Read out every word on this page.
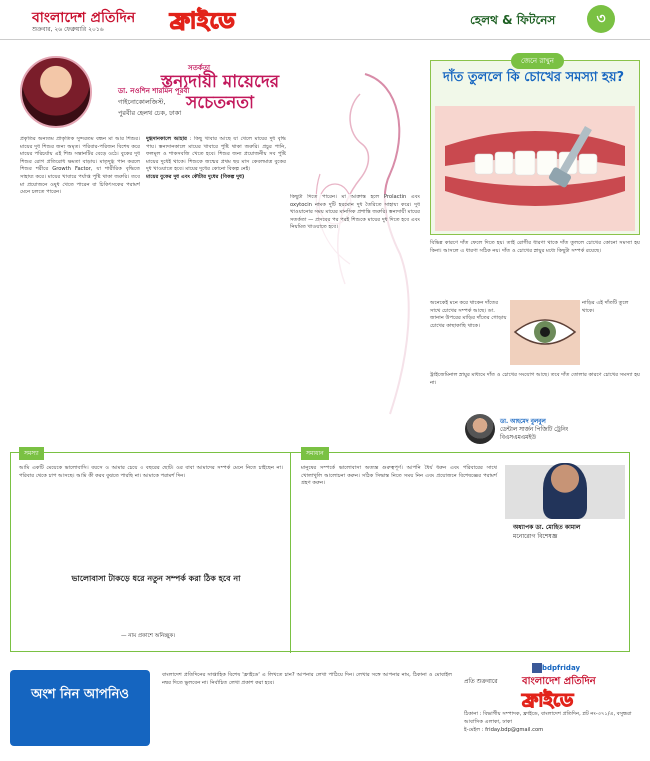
বাংলাদেশ প্রতিদিন
শুক্রবার, ২৬ ফেব্রুয়ারি ২০১৬	ফ্রাইডে	হেলথ & ফিটনেস	৩
ডা. নওশিন শারমিন পূরবী
গাইনোকোলজিস্ট,
পুরবীর হেলথ চেক, ঢাকা
সতর্কতা
স্তন্যদায়ী মায়েদের সচেতনতা
প্রকৃতির অন্যতম প্রাকৃতিক সুন্দরতম বন্ধন মা আর শিশুর। মায়ের দুধ শিশুর জন্য অমৃত। পরিবার-পরিজন বিশেষ করে মায়ের পরিচর্যায় এই শিশু সন্তানটির বেড়ে ওঠে। বুকের দুধ শিশুর রোগ প্রতিরোধ ক্ষমতা বাড়ায়। মাতৃদুগ্ধ পান করলে শিশুর শরীরে Growth Factor, যা শারীরিক বৃদ্ধিতে সাহায্য করে। মায়ের খাবারে পর্যাপ্ত পুষ্টি থাকা জরুরি। তবে মা প্রয়োজনে ওষুধ খেতে পারেন বা চিকিৎসকের পরামর্শ মেনে চলতে পারেন।
দুগ্ধদানকালে আহার : কিছু খাবার আছে যা খেলে মায়ের দুধ বৃদ্ধি পায়। স্তন্যদানকালে মায়ের খাবারে পুষ্টি থাকা জরুরি। প্রচুর পানি, ফলমূল ও শাকসবজি খেতে হবে। শিশুর জন্য প্রয়োজনীয় সব পুষ্টি মায়ের দুধেই থাকে। শিশুকে জন্মের প্রথম ছয় মাস কেবলমাত্র বুকের দুধ খাওয়াতে হবে। মায়ের দুধের কোনো বিকল্প নেই।
মায়ের বুকের দুধ এবং কৌটার দুধের (বিকল্প দুধ)
কিছুটা দিতে পারেন। মা আক্রান্ত হলে Prolactin এবং oxytocin নামক দুটি হরমোন দুধ তৈরিতে সাহায্য করে। দুধ খাওয়ানোর সময় মায়ের মানসিক প্রশান্তি জরুরি। স্তন্যদায়ী মায়ের সতর্কতা — প্রসবের পর পরই শিশুকে মায়ের দুধ দিতে হবে এবং নিয়মিত খাওয়াতে হবে।
জেনে রাখুন
দাঁত তুললে কি চোখের সমস্যা হয়?
বিভিন্ন কারণে দাঁত ফেলে দিতে হয়। তাই রোগীর ধারণা থাকে দাঁত তুললে চোখের কোনো সমস্যা হয় কিনা। আসলে এ ধারণা সঠিক নয়। দাঁত ও চোখের স্নায়ুর মধ্যে কিছুটা সম্পর্ক রয়েছে।
অনেকেই মনে করে থাকেন দাঁতের সাথে চোখের সম্পর্ক আছে। ডা. জানান উপরের মাড়ির দাঁতের গোড়ায় চোখের কাছাকাছি থাকে।
নাড়ির এই দাঁতটি তুলে থাকে।
ট্রাইজেমিনাল স্নায়ুর মাধ্যমে দাঁত ও চোখের সংযোগ আছে। তবে দাঁত তোলার কারণে চোখের সমস্যা হয় না।
ডা. আহমেদ বুলবুল
ডেন্টাল সার্জন পিজিটি ট্রেনিং
বিএসএমএমইউ
সমস্যা
আমি একটি মেয়েকে ভালোবাসি। বয়সে ও আমার চেয়ে ৩ বছরের ছোট। ওর বাবা আমাদের সম্পর্ক মেনে নিতে চাইছেন না। পরিবার থেকে চাপ আসছে। আমি কী করব বুঝতে পারছি না। আমাকে পরামর্শ দিন।
ভালোবাসা টাকড়ে ধরে নতুন সম্পর্ক করা ঠিক হবে না
— নাম প্রকাশে অনিচ্ছুক।
সমাধান
মানুষের সম্পর্কে ভালোবাসা অত্যন্ত গুরুত্বপূর্ণ। আপনি ধৈর্য ধরুন এবং পরিবারের সাথে খোলাখুলি আলোচনা করুন। সঠিক সিদ্ধান্ত নিতে সময় নিন এবং প্রয়োজনে বিশেষজ্ঞের পরামর্শ গ্রহণ করুন।
অধ্যাপক ডা. মোহিত কামাল
মনোরোগ বিশেষজ্ঞ
অংশ নিন আপনিও
বাংলাদেশ প্রতিদিনের সাপ্তাহিক বিশেষ 'ফ্রাইডে' এ লিখতে চান? আপনার লেখা পাঠিয়ে দিন। লেখার সঙ্গে আপনার নাম, ঠিকানা ও মোবাইল নম্বর দিতে ভুলবেন না। নির্বাচিত লেখা প্রকাশ করা হবে।
bdpfriday
প্রতি শুক্রবারে বাংলাদেশ প্রতিদিন
ফ্রাইডে
ঠিকানা : বিভাগীয় সম্পাদক, ফ্রাইডে, বাংলাদেশ প্রতিদিন, প্লট নং-৩৭১/এ, বসুন্ধরা আবাসিক এলাকা, ঢাকা
ই-মেইল : friday.bdp@gmail.com
